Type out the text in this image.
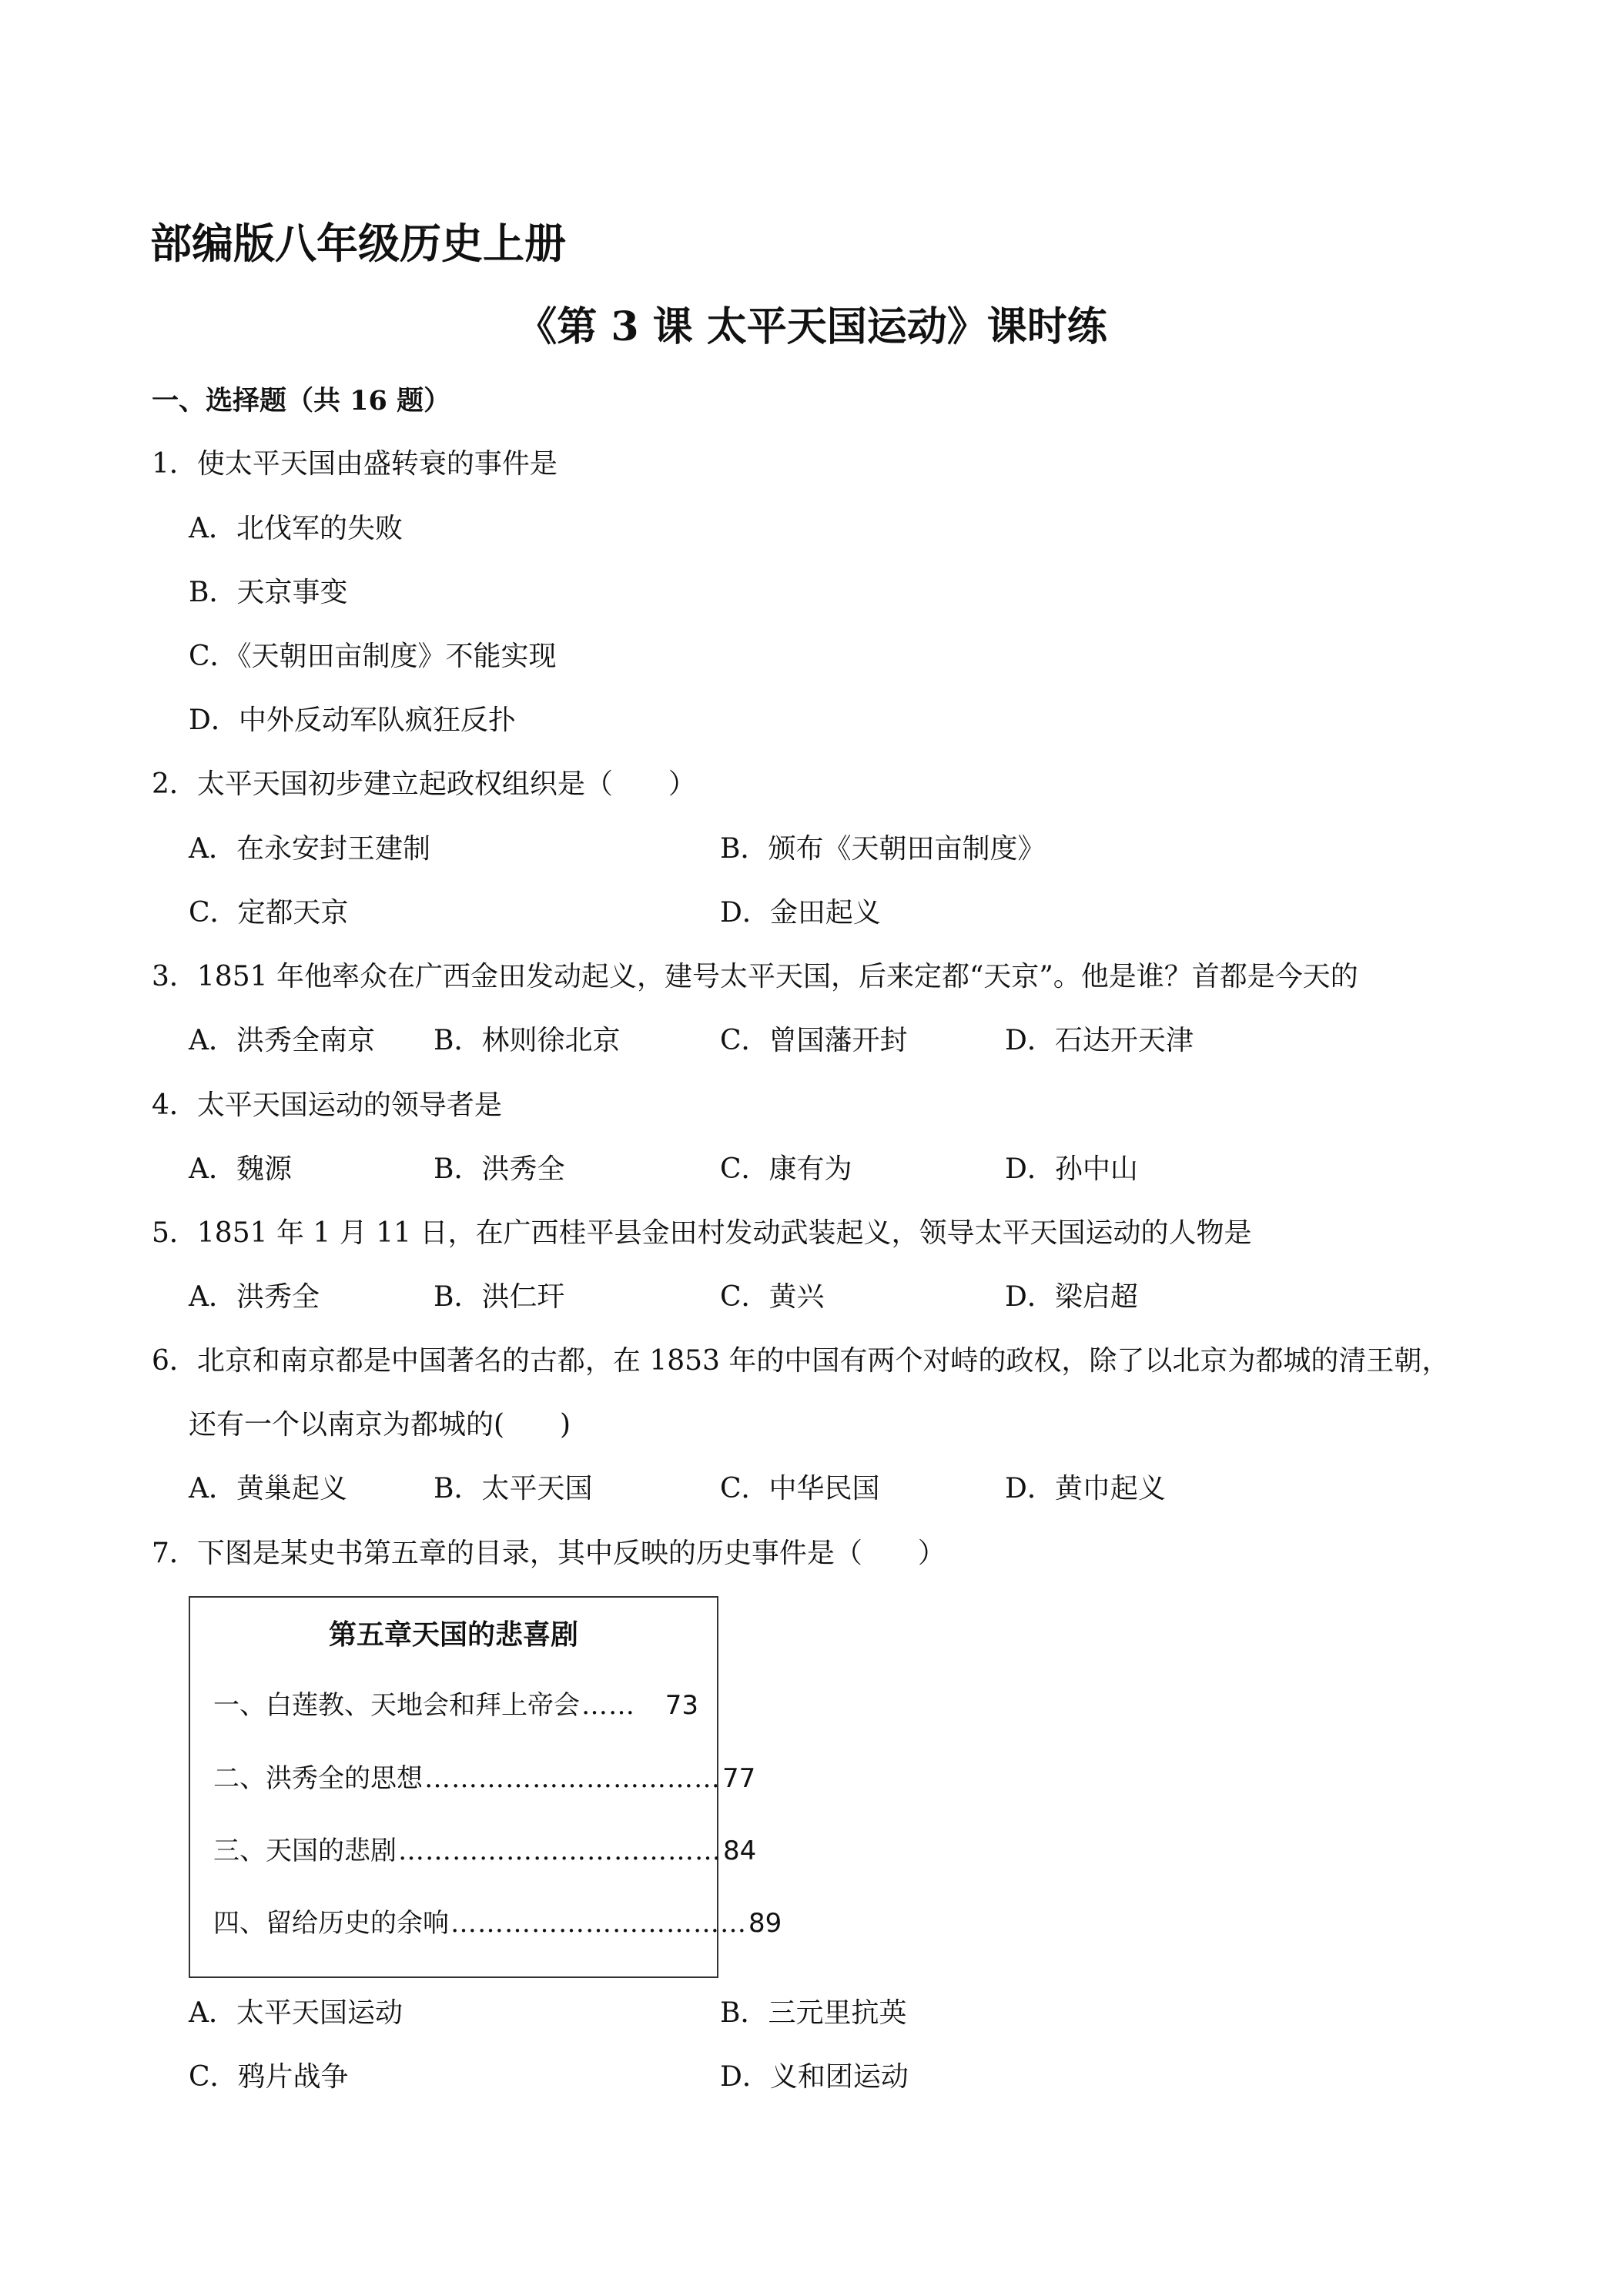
部编版八年级历史上册
《第 3 课 太平天国运动》课时练
一、选择题（共 16 题）
1．使太平天国由盛转衰的事件是
A．北伐军的失败
B．天京事变
C．《天朝田亩制度》不能实现
D．中外反动军队疯狂反扑
2．太平天国初步建立起政权组织是（　　）
A．在永安封王建制	B．颁布《天朝田亩制度》
C．定都天京	D．金田起义
3．1851 年他率众在广西金田发动起义，建号太平天国，后来定都“天京”。他是谁？首都是今天的
A．洪秀全南京 B．林则徐北京	C．曾国藩开封	D．石达开天津
4．太平天国运动的领导者是
A．魏源	B．洪秀全	C．康有为	D．孙中山
5．1851 年 1 月 11 日，在广西桂平县金田村发动武装起义，领导太平天国运动的人物是
A．洪秀全	B．洪仁玕	C．黄兴	D．梁启超
6．北京和南京都是中国著名的古都，在 1853 年的中国有两个对峙的政权，除了以北京为都城的清王朝，
还有一个以南京为都城的(　　)
A．黄巢起义	B．太平天国	C．中华民国	D．黄巾起义
7．下图是某史书第五章的目录，其中反映的历史事件是（　　）
第五章天国的悲喜剧
一、白莲教、天地会和拜上帝会 ……	73
二、洪秀全的思想 …………………………… 77
三、天国的悲剧 ……………………………… 84
四、留给历史的余响 …………………………… 89
A．太平天国运动	B．三元里抗英
C．鸦片战争	D．义和团运动
